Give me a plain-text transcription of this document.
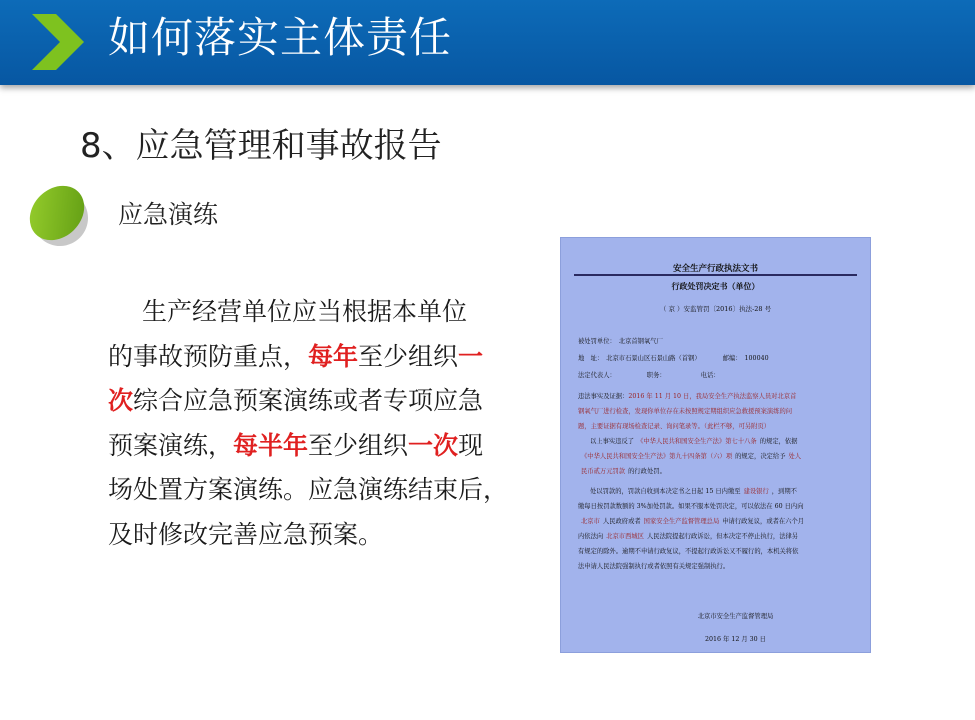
如何落实主体责任
8、应急管理和事故报告
应急演练
生产经营单位应当根据本单位
的事故预防重点，每年至少组织一
次综合应急预案演练或者专项应急
预案演练，每半年至少组织一次现
场处置方案演练。应急演练结束后，
及时修改完善应急预案。
安全生产行政执法文书
行政处罚决定书（单位）
（ 京 ）安监管罚〔2016〕执法-28 号
被处罚单位： 北京首钢氧气厂
地　址： 北京市石景山区石景山路（首钢）	邮编： 100040
法定代表人：	职务：	电话：
违法事实及证据：2016 年 11 月 10 日，我局安全生产执法监察人员对北京首
钢氧气厂进行检查，发现你单位存在未按照规定期组织应急救援预案演练的问
题，主要证据有现场检查记录、询问笔录等。（此栏不够，可另附页）
以上事实违反了 《中华人民共和国安全生产法》第七十八条 的规定，依据
《中华人民共和国安全生产法》第九十四条第（六）项 的规定，决定给予 处人
民币贰万元罚款 的行政处罚。
处以罚款的，罚款自收到本决定书之日起 15 日内缴至 建设银行 ，到期不
缴每日按罚款数额的 3%加处罚款。如果不服本处罚决定，可以依法在 60 日内向
北京市 人民政府或者 国家安全生产监督管理总局 申请行政复议，或者在六个月
内依法向 北京市西城区 人民法院提起行政诉讼，但本决定不停止执行，法律另
有规定的除外。逾期不申请行政复议，不提起行政诉讼又不履行的，本机关将依
法申请人民法院强制执行或者依照有关规定强制执行。
北京市安全生产监督管理局
2016 年 12 月 30 日
